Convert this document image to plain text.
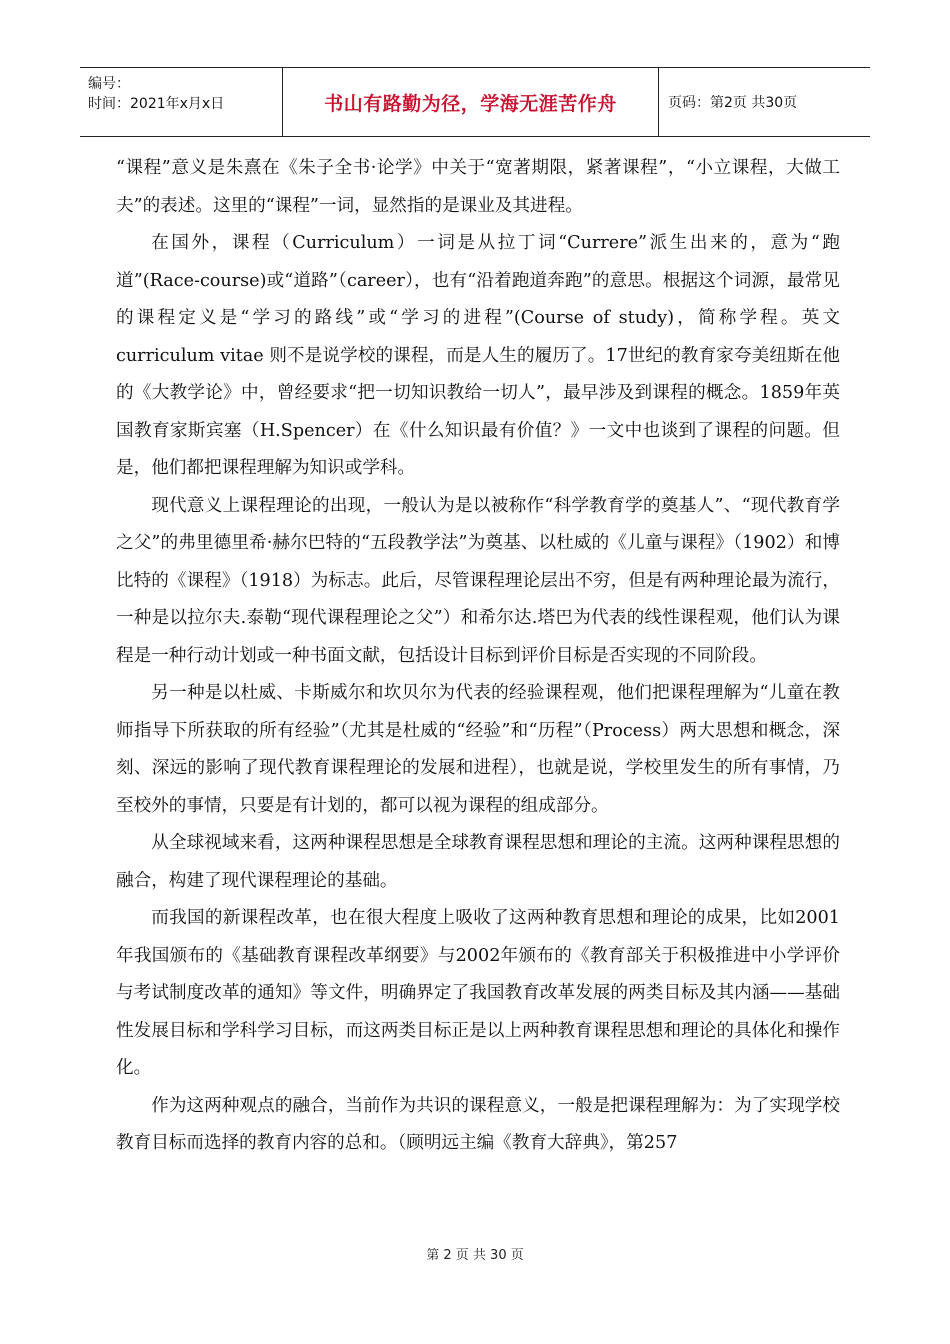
编号：
时间：2021年x月x日	书山有路勤为径，学海无涯苦作舟	页码：第2页 共30页

“课程”意义是朱熹在《朱子全书·论学》中关于“宽著期限，紧著课程”，“小立课程，大做工夫”的表述。这里的“课程”一词，显然指的是课业及其进程。

在国外，课程（Curriculum）一词是从拉丁词“Currere”派生出来的，意为“跑道”(Race-course)或“道路”（career），也有“沿着跑道奔跑”的意思。根据这个词源，最常见的课程定义是“学习的路线”或“学习的进程”(Course of study)，简称学程。英文curriculum vitae 则不是说学校的课程，而是人生的履历了。17世纪的教育家夸美纽斯在他的《大教学论》中，曾经要求“把一切知识教给一切人”，最早涉及到课程的概念。1859年英国教育家斯宾塞（H.Spencer）在《什么知识最有价值？》一文中也谈到了课程的问题。但是，他们都把课程理解为知识或学科。

现代意义上课程理论的出现，一般认为是以被称作“科学教育学的奠基人”、“现代教育学之父”的弗里德里希·赫尔巴特的“五段教学法”为奠基、以杜威的《儿童与课程》（1902）和博比特的《课程》（1918）为标志。此后，尽管课程理论层出不穷，但是有两种理论最为流行，一种是以拉尔夫.泰勒“现代课程理论之父”）和希尔达.塔巴为代表的线性课程观，他们认为课程是一种行动计划或一种书面文献，包括设计目标到评价目标是否实现的不同阶段。

另一种是以杜威、卡斯威尔和坎贝尔为代表的经验课程观，他们把课程理解为“儿童在教师指导下所获取的所有经验”（尤其是杜威的“经验”和“历程”（Process）两大思想和概念，深刻、深远的影响了现代教育课程理论的发展和进程），也就是说，学校里发生的所有事情，乃至校外的事情，只要是有计划的，都可以视为课程的组成部分。

从全球视域来看，这两种课程思想是全球教育课程思想和理论的主流。这两种课程思想的融合，构建了现代课程理论的基础。

而我国的新课程改革，也在很大程度上吸收了这两种教育思想和理论的成果，比如2001年我国颁布的《基础教育课程改革纲要》与2002年颁布的《教育部关于积极推进中小学评价与考试制度改革的通知》等文件，明确界定了我国教育改革发展的两类目标及其内涵——基础性发展目标和学科学习目标，而这两类目标正是以上两种教育课程思想和理论的具体化和操作化。

作为这两种观点的融合，当前作为共识的课程意义，一般是把课程理解为：为了实现学校教育目标而选择的教育内容的总和。（顾明远主编《教育大辞典》，第257

第 2 页 共 30 页
